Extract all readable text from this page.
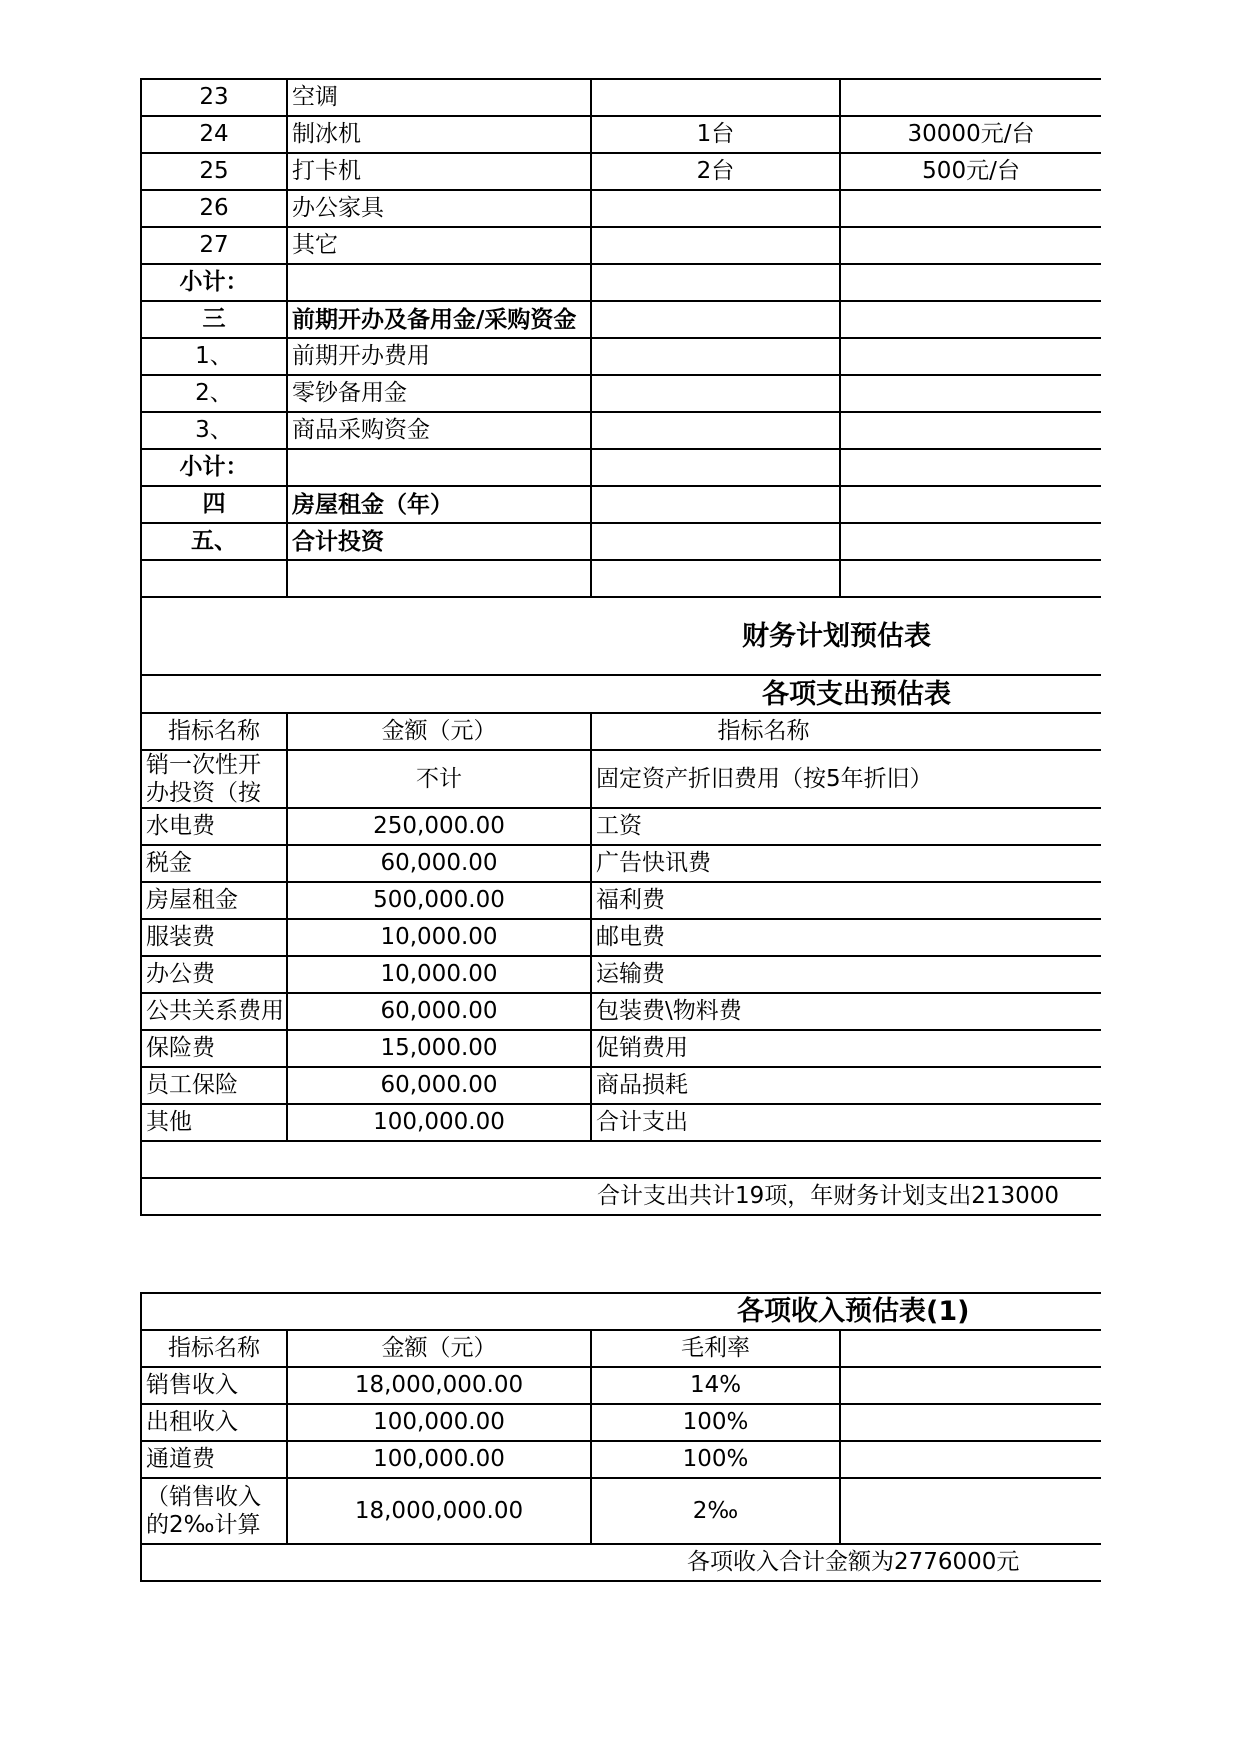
23	空调		
24	制冰机	1台	30000元/台
25	打卡机	2台	500元/台
26	办公家具		
27	其它		
小计：			
三	前期开办及备用金/采购资金		
1、	前期开办费用		
2、	零钞备用金		
3、	商品采购资金		
小计：			
四	房屋租金（年）		
五、	合计投资		

财务计划预估表			
各项支出预估表			
指标名称	金额（元）	指标名称	
销一次性开办投资（按	不计	固定资产折旧费用（按5年折旧）	
水电费	250,000.00	工资	
税金	60,000.00	广告快讯费	
房屋租金	500,000.00	福利费	
服装费	10,000.00	邮电费	
办公费	10,000.00	运输费	
公共关系费用	60,000.00	包装费\物料费	
保险费	15,000.00	促销费用	
员工保险	60,000.00	商品损耗	
其他	100,000.00	合计支出	

合计支出共计19项，年财务计划支出213000			
各项收入预估表(1)			
指标名称	金额（元）	毛利率	
销售收入	18,000,000.00	14%	
出租收入	100,000.00	100%	
通道费	100,000.00	100%	
（销售收入的2‰计算	18,000,000.00	2‰	
各项收入合计金额为2776000元			
